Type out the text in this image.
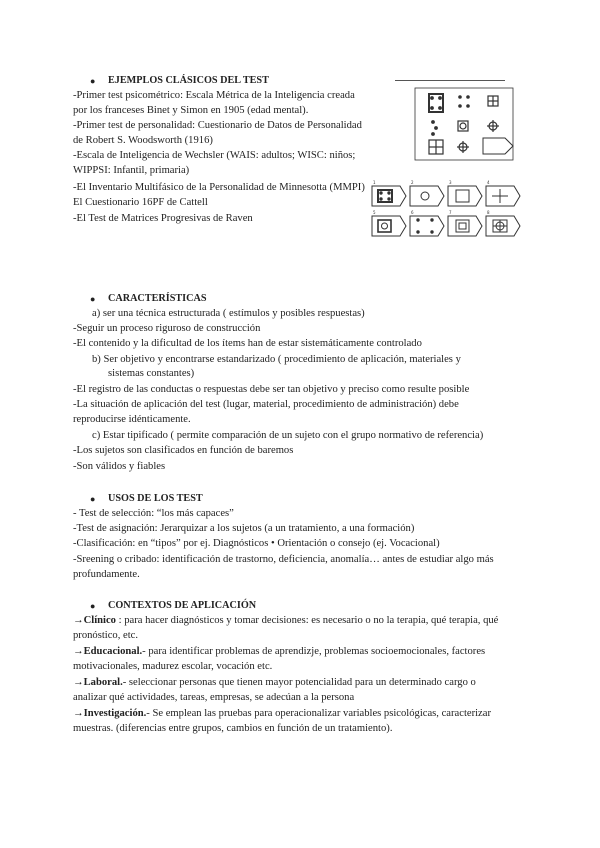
● EJEMPLOS CLÁSICOS DEL TEST

-Primer test psicométrico: Escala Métrica de la Inteligencia creada

por los franceses Binet y Simon en 1905 (edad mental).

-Primer test de personalidad: Cuestionario de Datos de Personalidad

de Robert S. Woodsworth (1916)

-Escala de Inteligencia de Wechsler (WAIS: adultos; WISC: niños;

WIPPSI: Infantil, primaria)

-El Inventario Multifásico de la Personalidad de Minnesotta (MMPI)

El Cuestionario 16PF de Cattell

-El Test de Matrices Progresivas de Raven

1	2	3	4
5	6	7	8
● CARACTERÍSTICAS

a) ser una técnica estructurada ( estímulos y posibles respuestas)

-Seguir un proceso riguroso de construcción

-El contenido y la dificultad de los ítems han de estar sistemáticamente controlado

b) Ser objetivo y encontrarse estandarizado ( procedimiento de aplicación, materiales y

sistemas constantes)

-El registro de las conductas o respuestas debe ser tan objetivo y preciso como resulte posible

-La situación de aplicación del test (lugar, material, procedimiento de administración) debe

reproducirse idénticamente.

c) Estar tipificado ( permite comparación de un sujeto con el grupo normativo de referencia)

-Los sujetos son clasificados en función de baremos

-Son válidos y fiables

● USOS DE LOS TEST

- Test de selección: “los más capaces”

-Test de asignación: Jerarquizar a los sujetos (a un tratamiento, a una formación)

-Clasificación: en “tipos” por ej. Diagnósticos • Orientación o consejo (ej. Vocacional)

-Sreening o cribado: identificación de trastorno, deficiencia, anomalía… antes de estudiar algo más

profundamente.

● CONTEXTOS DE APLICACIÓN

→Clínico : para hacer diagnósticos y tomar decisiones: es necesario o no la terapia, qué terapia, qué

pronóstico, etc.

→Educacional.- para identificar problemas de aprendizje, problemas socioemocionales, factores

motivacionales, madurez escolar, vocación etc.

→Laboral.- seleccionar personas que tienen mayor potencialidad para un determinado cargo o

analizar qué actividades, tareas, empresas, se adecúan a la persona

→Investigación.- Se emplean las pruebas para operacionalizar variables psicológicas, caracterizar

muestras. (diferencias entre grupos, cambios en función de un tratamiento).
